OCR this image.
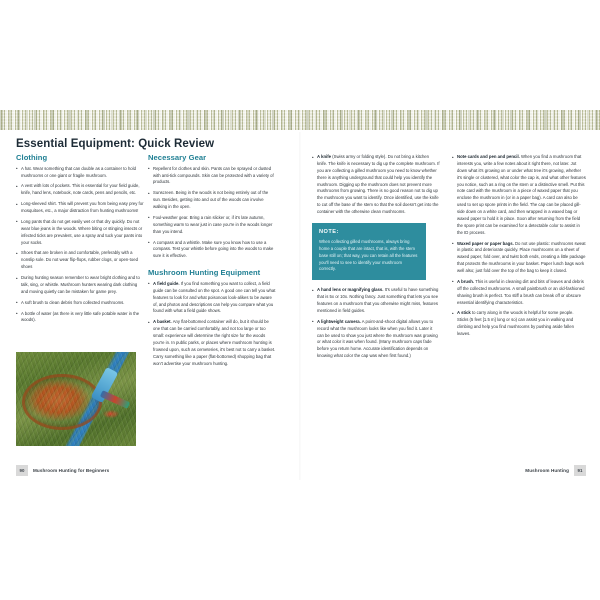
Essential Equipment: Quick Review
Clothing
• A hat. Wear something that can double as a container to hold mushrooms or one giant or fragile mushroom.
• A vest with lots of pockets. This is essential for your field guide, knife, hand lens, notebook, note cards, pens and pencils, etc.
• Long-sleeved shirt. This will prevent you from being easy prey for mosquitoes, etc., a major distraction from hunting mushrooms!
• Long pants that do not get easily wet or that dry quickly. Do not wear blue jeans in the woods. Where biting or stinging insects or infected ticks are prevalent, use a spray and tuck your pants into your socks.
• Shoes that are broken in and comfortable, preferably with a nonslip sole. Do not wear flip-flops, rubber clogs, or open-toed shoes
• During hunting season remember to wear bright clothing and to talk, sing, or whistle. Mushroom hunters wearing dark clothing and moving quietly can be mistaken for game prey.
• A soft brush to clean debris from collected mushrooms.
• A bottle of water (as there is very little safe potable water in the woods).
Necessary Gear
• Repellent for clothes and skin. Pants can be sprayed or dusted with anti-tick compounds. Skin can be protected with a variety of products.
• Sunscreen. Being in the woods is not being entirely out of the sun. Besides, getting into and out of the woods can involve walking in the open.
• Foul-weather gear. Bring a rain slicker or, if it's late autumn, something warm to wear just in case you're in the woods longer than you intend.
• A compass and a whistle. Make sure you know how to use a compass. Test your whistle before going into the woods to make sure it is effective.
Mushroom Hunting Equipment
• A field guide. If you find something you want to collect, a field guide can be consulted on the spot. A good one can tell you what features to look for and what poisonous look-alikes to be aware of, and photos and descriptions can help you compare what you found with what a field guide shows.
• A basket. Any flat-bottomed container will do, but it should be one that can be carried comfortably, and not too large or too small: experience will determine the right size for the woods you're in. In public parks, or places where mushroom hunting is frowned upon, such as cemeteries, it's best not to carry a basket. Carry something like a paper (flat-bottomed) shopping bag that won't advertise your mushroom hunting.
• A knife (Swiss army or folding style). Do not bring a kitchen knife. The knife is necessary to dig up the complete mushroom. If you are collecting a gilled mushroom you need to know whether there is anything underground that could help you identify the mushroom. Digging up the mushroom does not prevent more mushrooms from growing. There is no good reason not to dig up the mushroom you want to identify. Once identified, use the knife to cut off the base of the stem so that the soil doesn't get into the container with the otherwise clean mushrooms.
NOTE:
When collecting gilled mushrooms, always bring home a couple that are intact, that is, with the stem base still on; that way, you can retain all the features you'll need to see to identify your mushroom correctly.
• A hand lens or magnifying glass. It's useful to have something that is 5x or 10x. Nothing fancy. Just something that lets you see features on a mushroom that you otherwise might miss, features mentioned in field guides.
• A lightweight camera. A point-and-shoot digital allows you to record what the mushroom looks like when you find it. Later it can be used to show you just where the mushroom was growing or what color it was when found. (Many mushroom caps fade before you return home. Accurate identification depends on knowing what color the cap was when first found.)
• Note cards and pen and pencil. When you find a mushroom that interests you, write a few notes about it right there, not later. Jot down what it's growing on or under what tree it's growing, whether it's single or clustered, what color the cap is, and what other features you notice, such as a ring on the stem or a distinctive smell. Put this note card with the mushroom in a piece of waxed paper that you enclose the mushroom in (or in a paper bag). A card can also be used to set up spore prints in the field. The cap can be placed gill-side down on a white card, and then wrapped in a waxed bag or waxed paper to hold it in place. Soon after returning from the field the spore print can be examined for a detectable color to assist in the ID process.
• Waxed paper or paper bags. Do not use plastic: mushrooms sweat in plastic and deteriorate quickly. Place mushrooms on a sheet of waxed paper, fold over, and twist both ends, creating a little package that protects the mushrooms in your basket. Paper lunch bags work well also; just fold over the top of the bag to keep it closed.
• A brush. This is useful in cleaning dirt and bits of leaves and debris off the collected mushrooms. A small paintbrush or an old-fashioned shaving brush is perfect. Too stiff a brush can break off or obscure essential identifying characteristics.
• A stick to carry along in the woods is helpful for some people. Sticks (5 feet [1.5 m] long or so) can assist you in walking and climbing and help you find mushrooms by pushing aside fallen leaves.
90	Mushroom Hunting for Beginners	Mushroom Hunting	91
